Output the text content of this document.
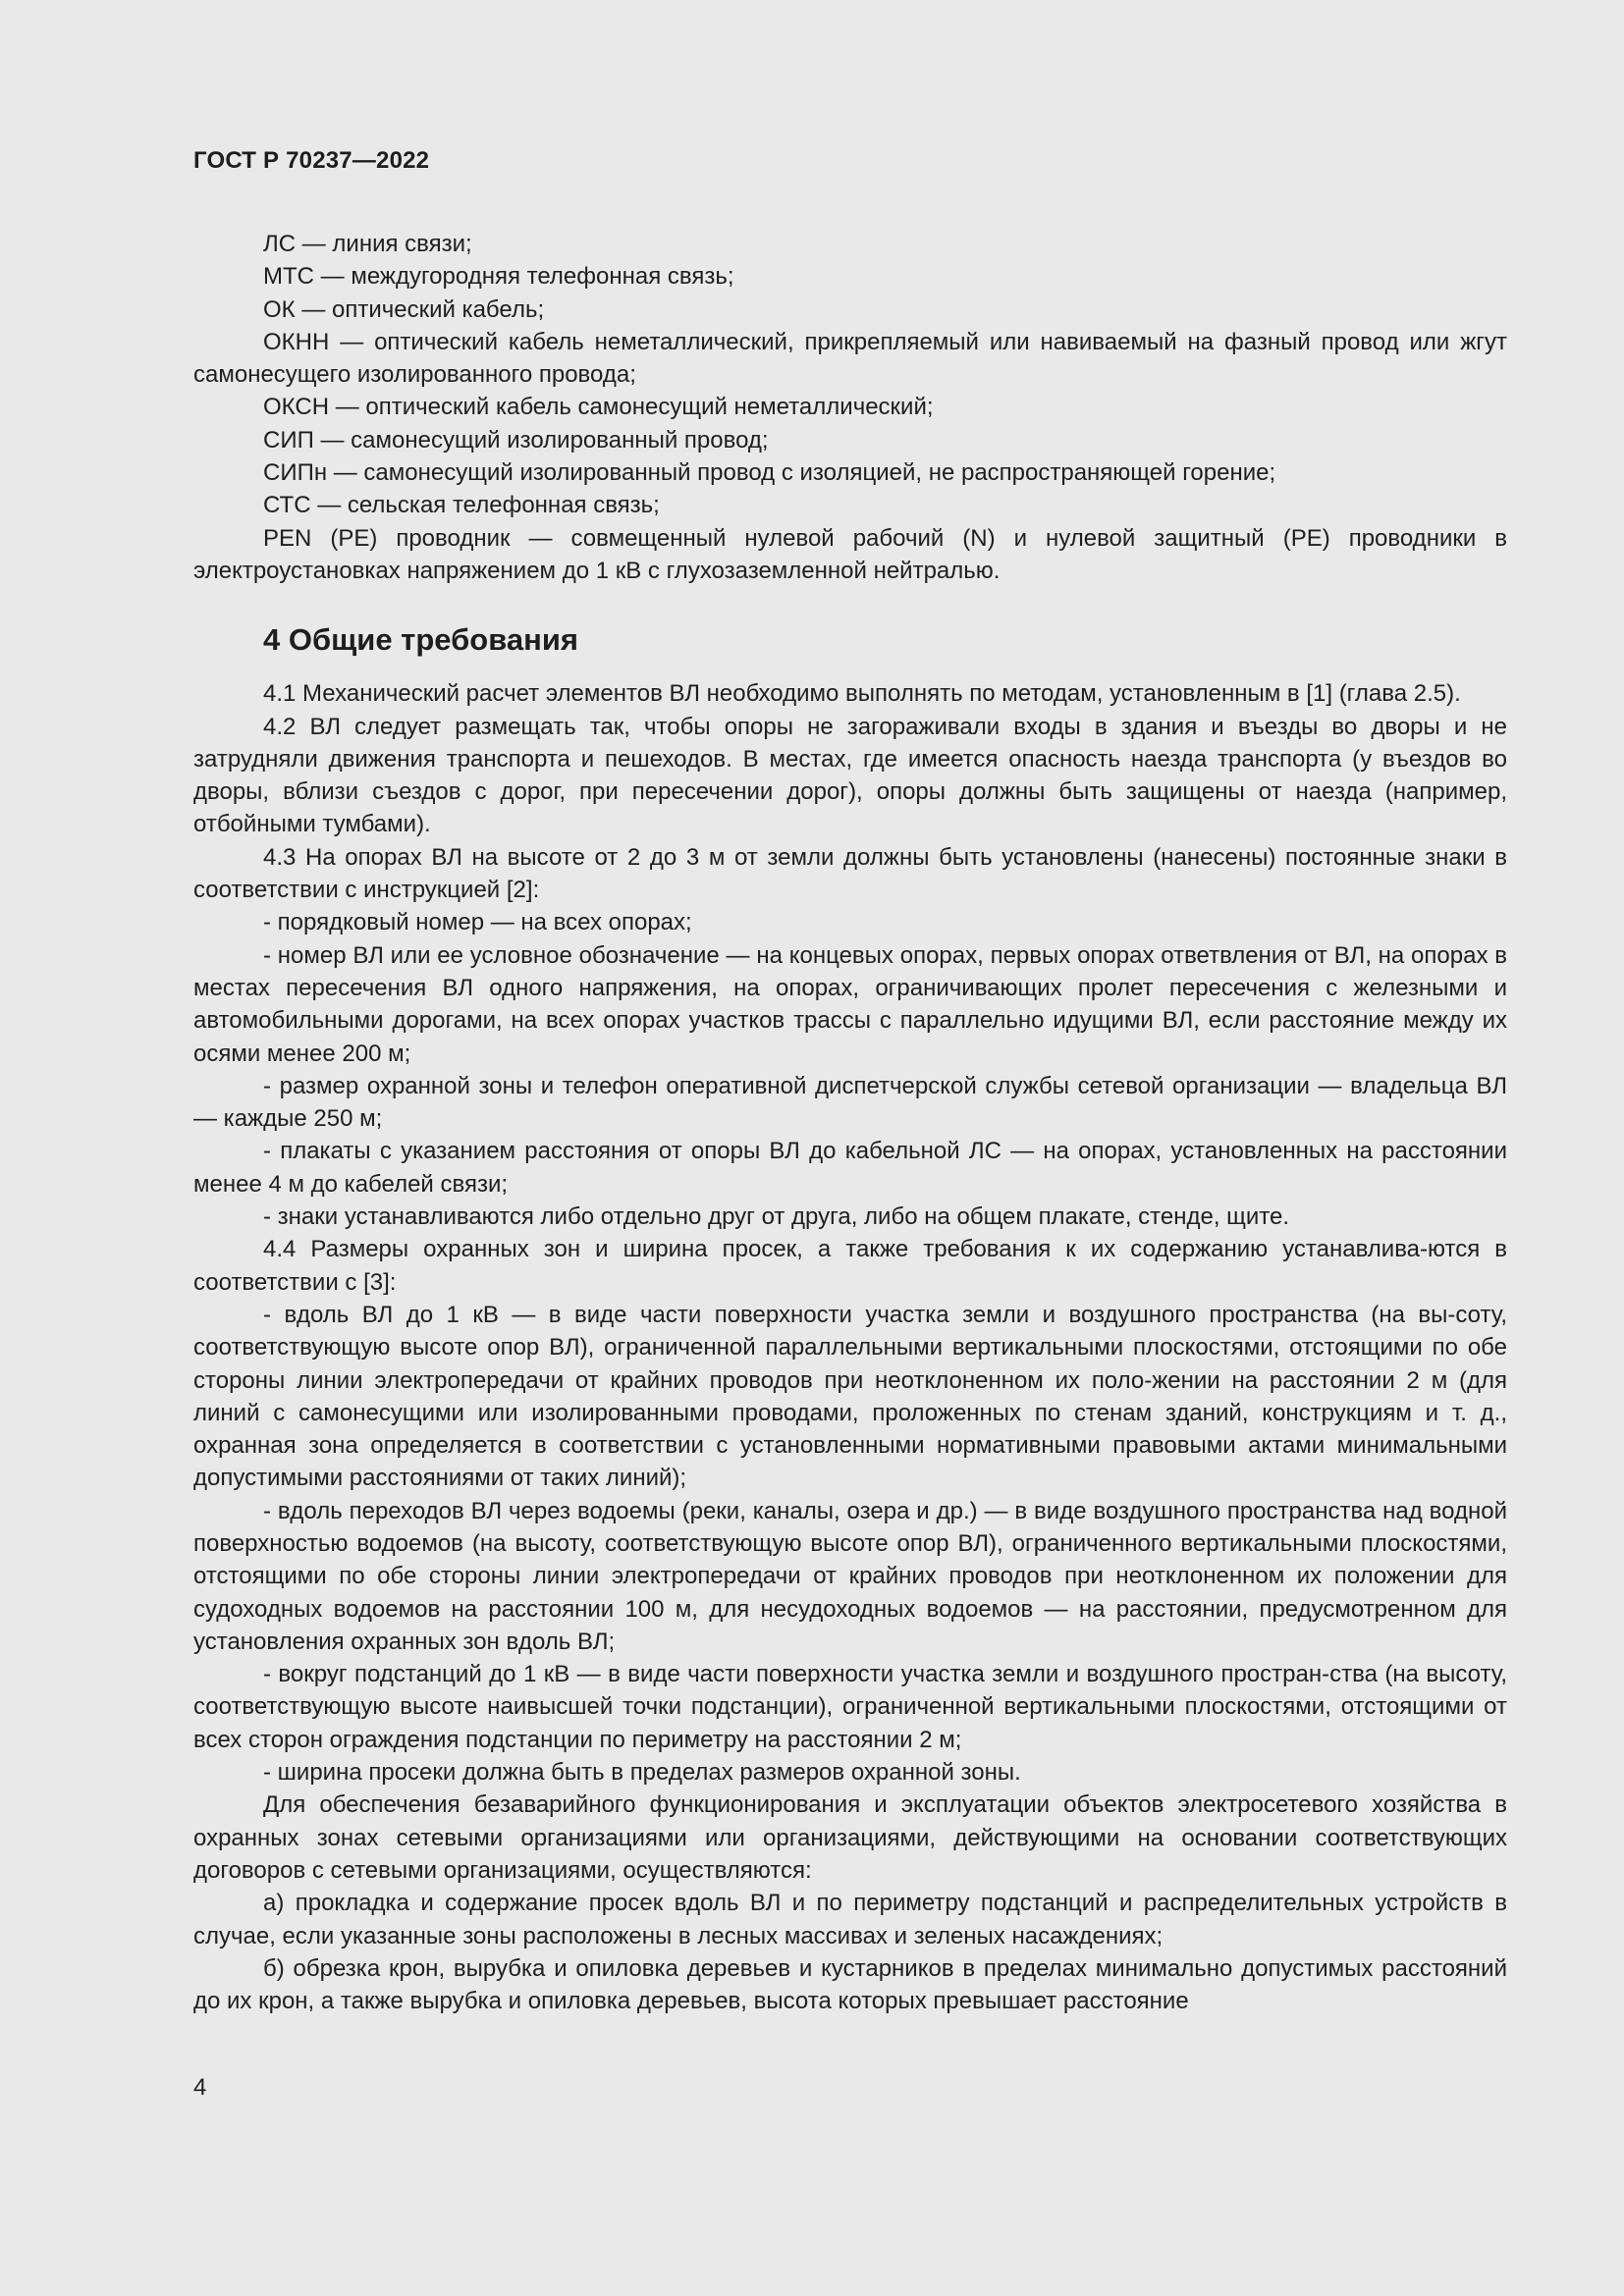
ГОСТ Р 70237—2022

ЛС — линия связи;

МТС — междугородняя телефонная связь;

ОК — оптический кабель;

ОКНН — оптический кабель неметаллический, прикрепляемый или навиваемый на фазный провод или жгут самонесущего изолированного провода;

ОКСН — оптический кабель самонесущий неметаллический;

СИП — самонесущий изолированный провод;

СИПн — самонесущий изолированный провод с изоляцией, не распространяющей горение;

СТС — сельская телефонная связь;

PEN (РЕ) проводник — совмещенный нулевой рабочий (N) и нулевой защитный (РЕ) проводники в электроустановках напряжением до 1 кВ с глухозаземленной нейтралью.

4 Общие требования

4.1 Механический расчет элементов ВЛ необходимо выполнять по методам, установленным в [1] (глава 2.5).

4.2 ВЛ следует размещать так, чтобы опоры не загораживали входы в здания и въезды во дворы и не затрудняли движения транспорта и пешеходов. В местах, где имеется опасность наезда транспорта (у въездов во дворы, вблизи съездов с дорог, при пересечении дорог), опоры должны быть защищены от наезда (например, отбойными тумбами).

4.3 На опорах ВЛ на высоте от 2 до 3 м от земли должны быть установлены (нанесены) постоянные знаки в соответствии с инструкцией [2]:

- порядковый номер — на всех опорах;

- номер ВЛ или ее условное обозначение — на концевых опорах, первых опорах ответвления от ВЛ, на опорах в местах пересечения ВЛ одного напряжения, на опорах, ограничивающих пролет пересечения с железными и автомобильными дорогами, на всех опорах участков трассы с параллельно идущими ВЛ, если расстояние между их осями менее 200 м;

- размер охранной зоны и телефон оперативной диспетчерской службы сетевой организации — владельца ВЛ — каждые 250 м;

- плакаты с указанием расстояния от опоры ВЛ до кабельной ЛС — на опорах, установленных на расстоянии менее 4 м до кабелей связи;

- знаки устанавливаются либо отдельно друг от друга, либо на общем плакате, стенде, щите.

4.4 Размеры охранных зон и ширина просек, а также требования к их содержанию устанавлива-ются в соответствии с [3]:

- вдоль ВЛ до 1 кВ — в виде части поверхности участка земли и воздушного пространства (на вы-соту, соответствующую высоте опор ВЛ), ограниченной параллельными вертикальными плоскостями, отстоящими по обе стороны линии электропередачи от крайних проводов при неотклоненном их поло-жении на расстоянии 2 м (для линий с самонесущими или изолированными проводами, проложенных по стенам зданий, конструкциям и т. д., охранная зона определяется в соответствии с установленными нормативными правовыми актами минимальными допустимыми расстояниями от таких линий);

- вдоль переходов ВЛ через водоемы (реки, каналы, озера и др.) — в виде воздушного пространства над водной поверхностью водоемов (на высоту, соответствующую высоте опор ВЛ), ограниченного вертикальными плоскостями, отстоящими по обе стороны линии электропередачи от крайних проводов при неотклоненном их положении для судоходных водоемов на расстоянии 100 м, для несудоходных водоемов — на расстоянии, предусмотренном для установления охранных зон вдоль ВЛ;

- вокруг подстанций до 1 кВ — в виде части поверхности участка земли и воздушного простран-ства (на высоту, соответствующую высоте наивысшей точки подстанции), ограниченной вертикальными плоскостями, отстоящими от всех сторон ограждения подстанции по периметру на расстоянии 2 м;

- ширина просеки должна быть в пределах размеров охранной зоны.

Для обеспечения безаварийного функционирования и эксплуатации объектов электросетевого хозяйства в охранных зонах сетевыми организациями или организациями, действующими на основании соответствующих договоров с сетевыми организациями, осуществляются:

а) прокладка и содержание просек вдоль ВЛ и по периметру подстанций и распределительных устройств в случае, если указанные зоны расположены в лесных массивах и зеленых насаждениях;

б) обрезка крон, вырубка и опиловка деревьев и кустарников в пределах минимально допустимых расстояний до их крон, а также вырубка и опиловка деревьев, высота которых превышает расстояние

4
